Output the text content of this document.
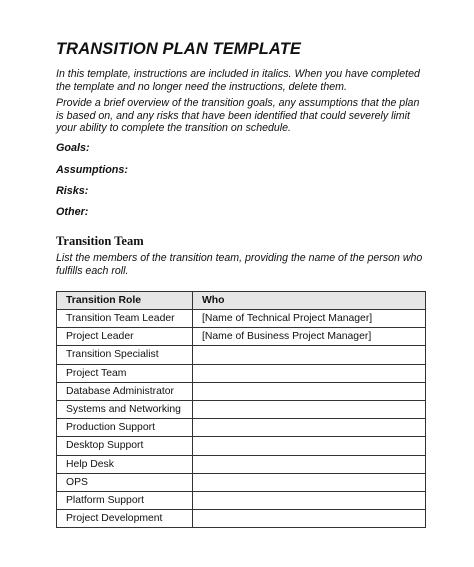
TRANSITION PLAN TEMPLATE
In this template, instructions are included in italics. When you have completed the template and no longer need the instructions, delete them.
Provide a brief overview of the transition goals, any assumptions that the plan is based on, and any risks that have been identified that could severely limit your ability to complete the transition on schedule.
Goals:
Assumptions:
Risks:
Other:
Transition Team
List the members of the transition team, providing the name of the person who fulfills each roll.
Transition Role	Who
Transition Team Leader	[Name of Technical Project Manager]
Project Leader	[Name of Business Project Manager]
Transition Specialist	
Project Team	
Database Administrator	
Systems and Networking	
Production Support	
Desktop Support	
Help Desk	
OPS	
Platform Support	
Project Development	
